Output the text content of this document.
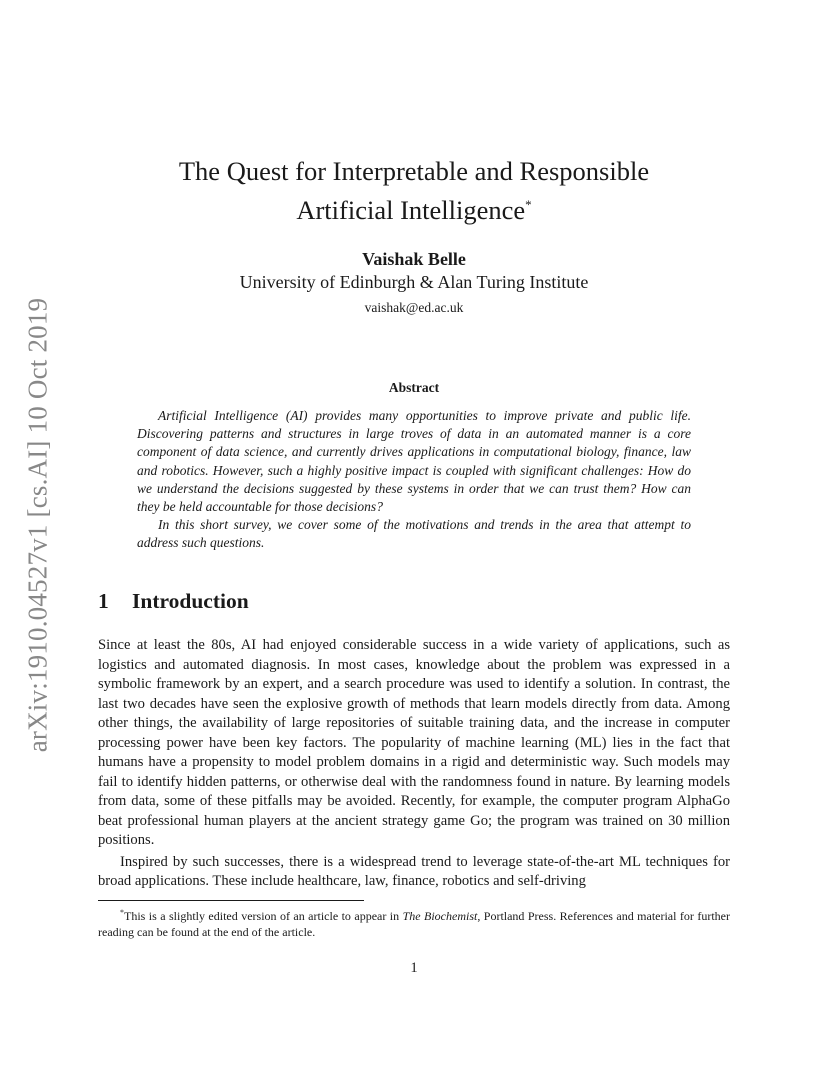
arXiv:1910.04527v1 [cs.AI] 10 Oct 2019
The Quest for Interpretable and Responsible
Artificial Intelligence*
Vaishak Belle
University of Edinburgh & Alan Turing Institute
vaishak@ed.ac.uk
Abstract

Artificial Intelligence (AI) provides many opportunities to improve private and public life. Discovering patterns and structures in large troves of data in an automated manner is a core component of data science, and currently drives applications in computational biology, finance, law and robotics. However, such a highly positive impact is coupled with significant challenges: How do we understand the decisions suggested by these systems in order that we can trust them? How can they be held accountable for those decisions?

In this short survey, we cover some of the motivations and trends in the area that attempt to address such questions.

1 Introduction

Since at least the 80s, AI had enjoyed considerable success in a wide variety of applications, such as logistics and automated diagnosis. In most cases, knowledge about the problem was expressed in a symbolic framework by an expert, and a search procedure was used to identify a solution. In contrast, the last two decades have seen the explosive growth of methods that learn models directly from data. Among other things, the availability of large repositories of suitable training data, and the increase in computer processing power have been key factors. The popularity of machine learning (ML) lies in the fact that humans have a propensity to model problem domains in a rigid and deterministic way. Such models may fail to identify hidden patterns, or otherwise deal with the randomness found in nature. By learning models from data, some of these pitfalls may be avoided. Recently, for example, the computer program AlphaGo beat professional human players at the ancient strategy game Go; the program was trained on 30 million positions.

Inspired by such successes, there is a widespread trend to leverage state-of-the-art ML techniques for broad applications. These include healthcare, law, finance, robotics and self-driving

*This is a slightly edited version of an article to appear in The Biochemist, Portland Press. References and material for further reading can be found at the end of the article.

1
